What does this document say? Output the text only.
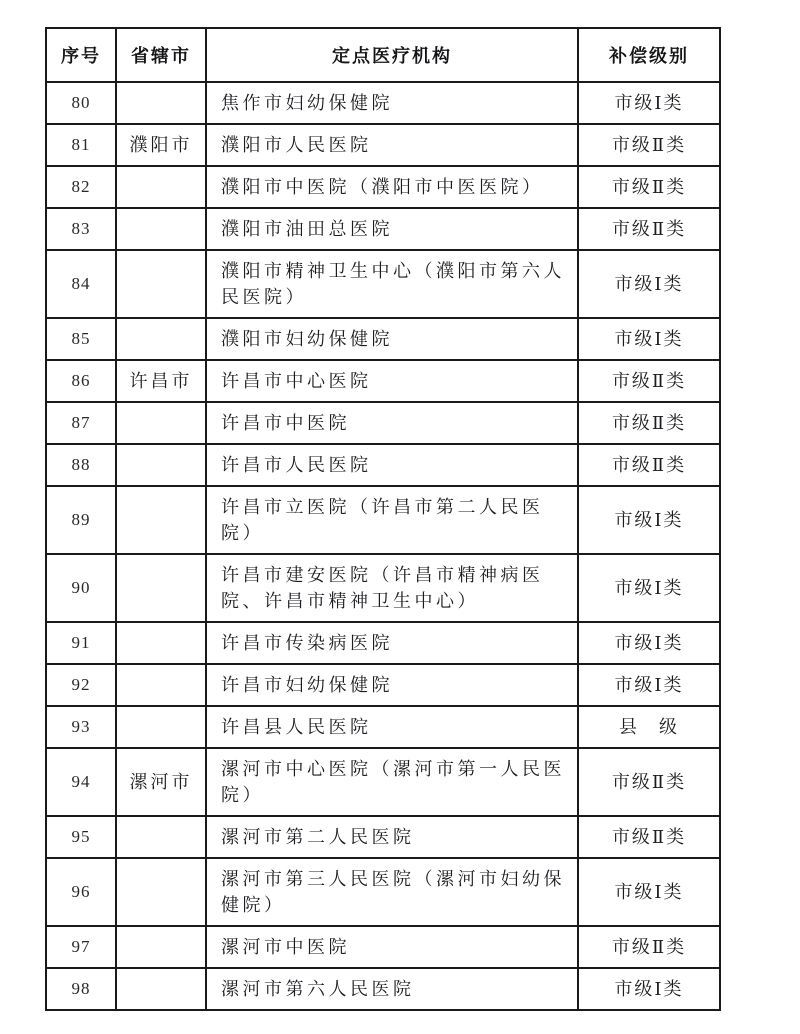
序号	省辖市	定点医疗机构	补偿级别
80		焦作市妇幼保健院	市级Ⅰ类
81	濮阳市	濮阳市人民医院	市级Ⅱ类
82		濮阳市中医院（濮阳市中医医院）	市级Ⅱ类
83		濮阳市油田总医院	市级Ⅱ类
84		濮阳市精神卫生中心（濮阳市第六人民医院）	市级Ⅰ类
85		濮阳市妇幼保健院	市级Ⅰ类
86	许昌市	许昌市中心医院	市级Ⅱ类
87		许昌市中医院	市级Ⅱ类
88		许昌市人民医院	市级Ⅱ类
89		许昌市立医院（许昌市第二人民医院）	市级Ⅰ类
90		许昌市建安医院（许昌市精神病医院、许昌市精神卫生中心）	市级Ⅰ类
91		许昌市传染病医院	市级Ⅰ类
92		许昌市妇幼保健院	市级Ⅰ类
93		许昌县人民医院	县　级
94	漯河市	漯河市中心医院（漯河市第一人民医院）	市级Ⅱ类
95		漯河市第二人民医院	市级Ⅱ类
96		漯河市第三人民医院（漯河市妇幼保健院）	市级Ⅰ类
97		漯河市中医院	市级Ⅱ类
98		漯河市第六人民医院	市级Ⅰ类
